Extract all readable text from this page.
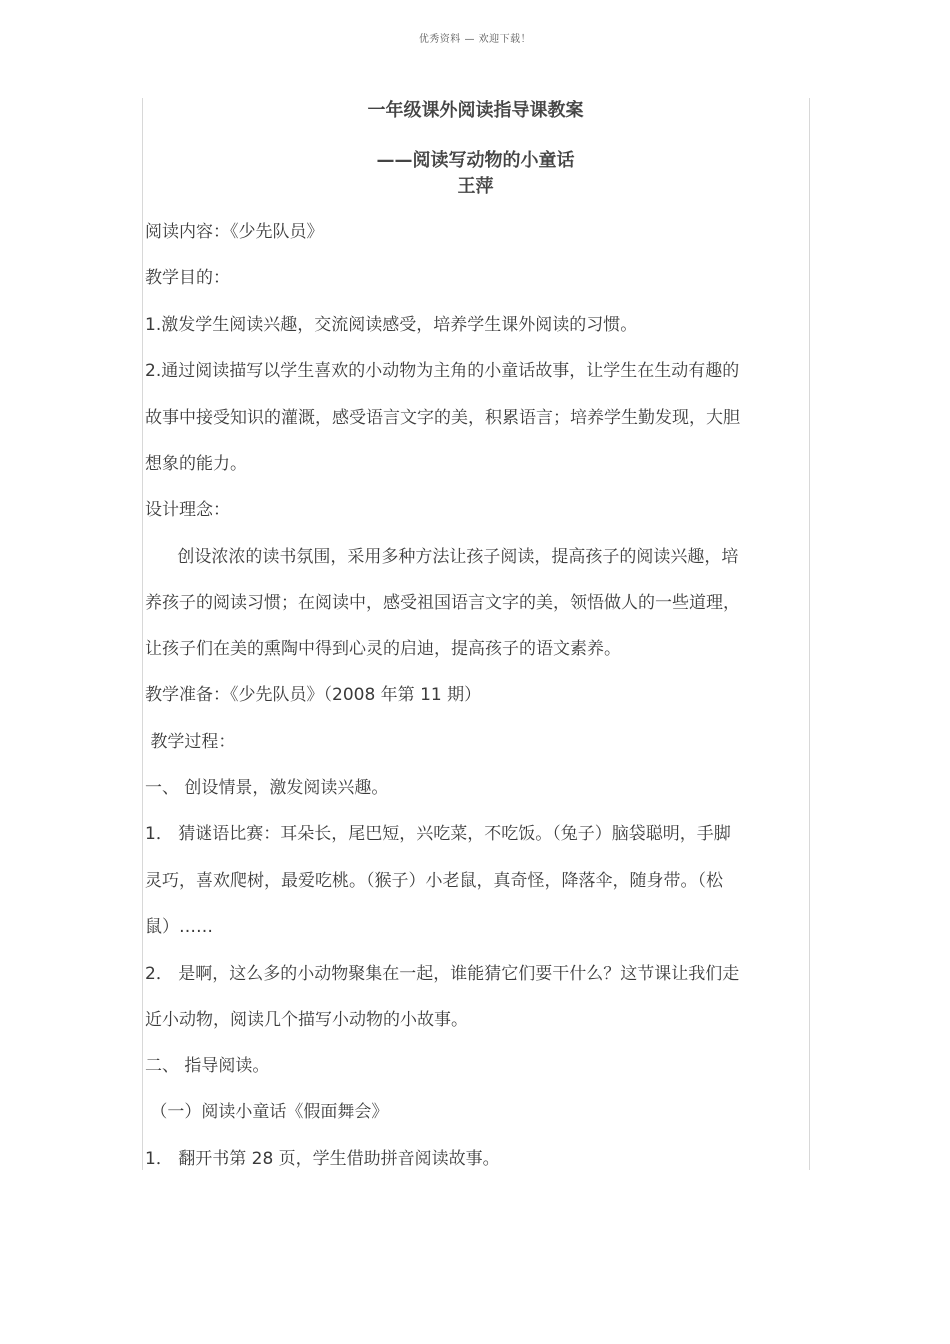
优秀资料 — 欢迎下载！
一年级课外阅读指导课教案
——阅读写动物的小童话
王萍
阅读内容：《少先队员》
教学目的：
1.激发学生阅读兴趣，交流阅读感受，培养学生课外阅读的习惯。
2.通过阅读描写以学生喜欢的小动物为主角的小童话故事，让学生在生动有趣的
故事中接受知识的灌溉，感受语言文字的美，积累语言；培养学生勤发现，大胆
想象的能力。
设计理念：
创设浓浓的读书氛围，采用多种方法让孩子阅读，提高孩子的阅读兴趣，培
养孩子的阅读习惯；在阅读中，感受祖国语言文字的美，领悟做人的一些道理，
让孩子们在美的熏陶中得到心灵的启迪，提高孩子的语文素养。
教学准备：《少先队员》（2008 年第 11 期）
教学过程：
一、 创设情景，激发阅读兴趣。
1． 猜谜语比赛：耳朵长，尾巴短，兴吃菜，不吃饭。（兔子）脑袋聪明，手脚
灵巧，喜欢爬树，最爱吃桃。（猴子）小老鼠，真奇怪，降落伞，随身带。（松
鼠）……
2． 是啊，这么多的小动物聚集在一起，谁能猜它们要干什么？这节课让我们走
近小动物，阅读几个描写小动物的小故事。
二、 指导阅读。
（一）阅读小童话《假面舞会》
1． 翻开书第 28 页，学生借助拼音阅读故事。
